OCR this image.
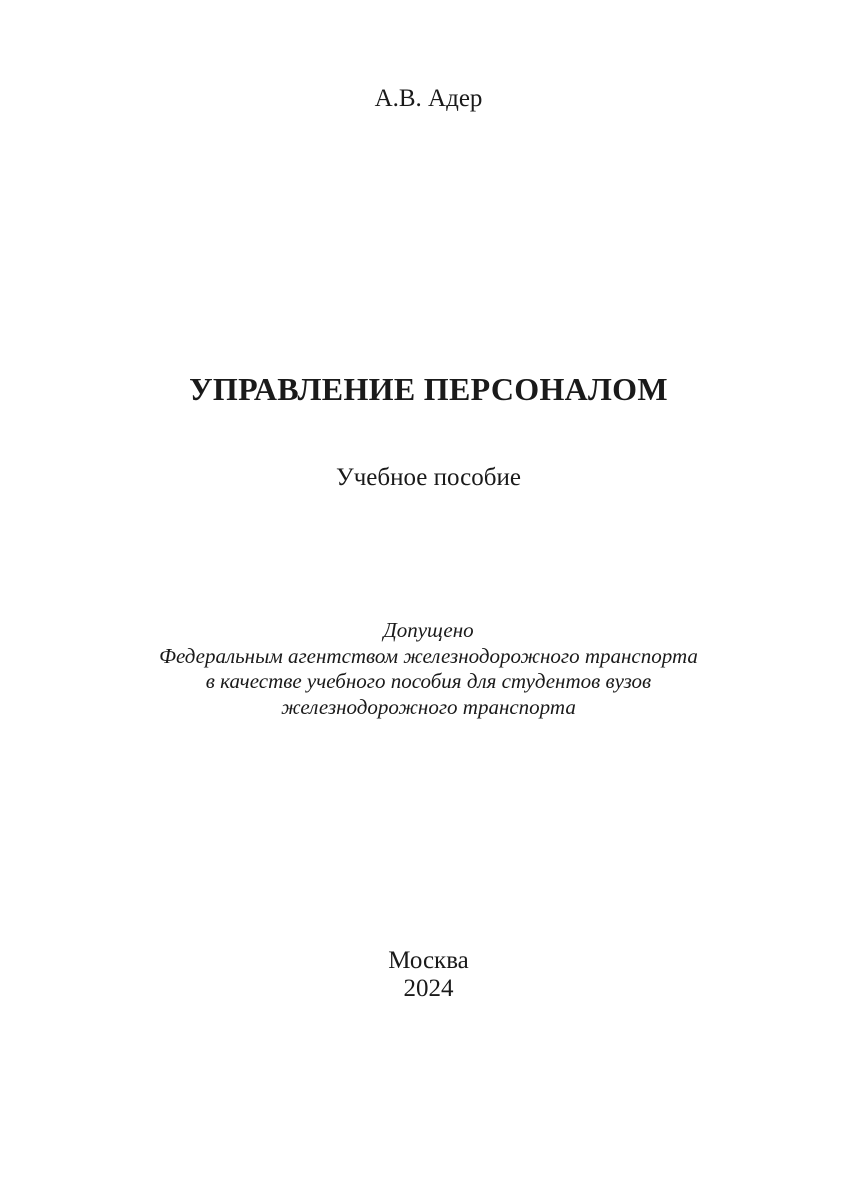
А.В. Адер
УПРАВЛЕНИЕ ПЕРСОНАЛОМ
Учебное пособие
Допущено
Федеральным агентством железнодорожного транспорта
в качестве учебного пособия для студентов вузов
железнодорожного транспорта
Москва
2024
